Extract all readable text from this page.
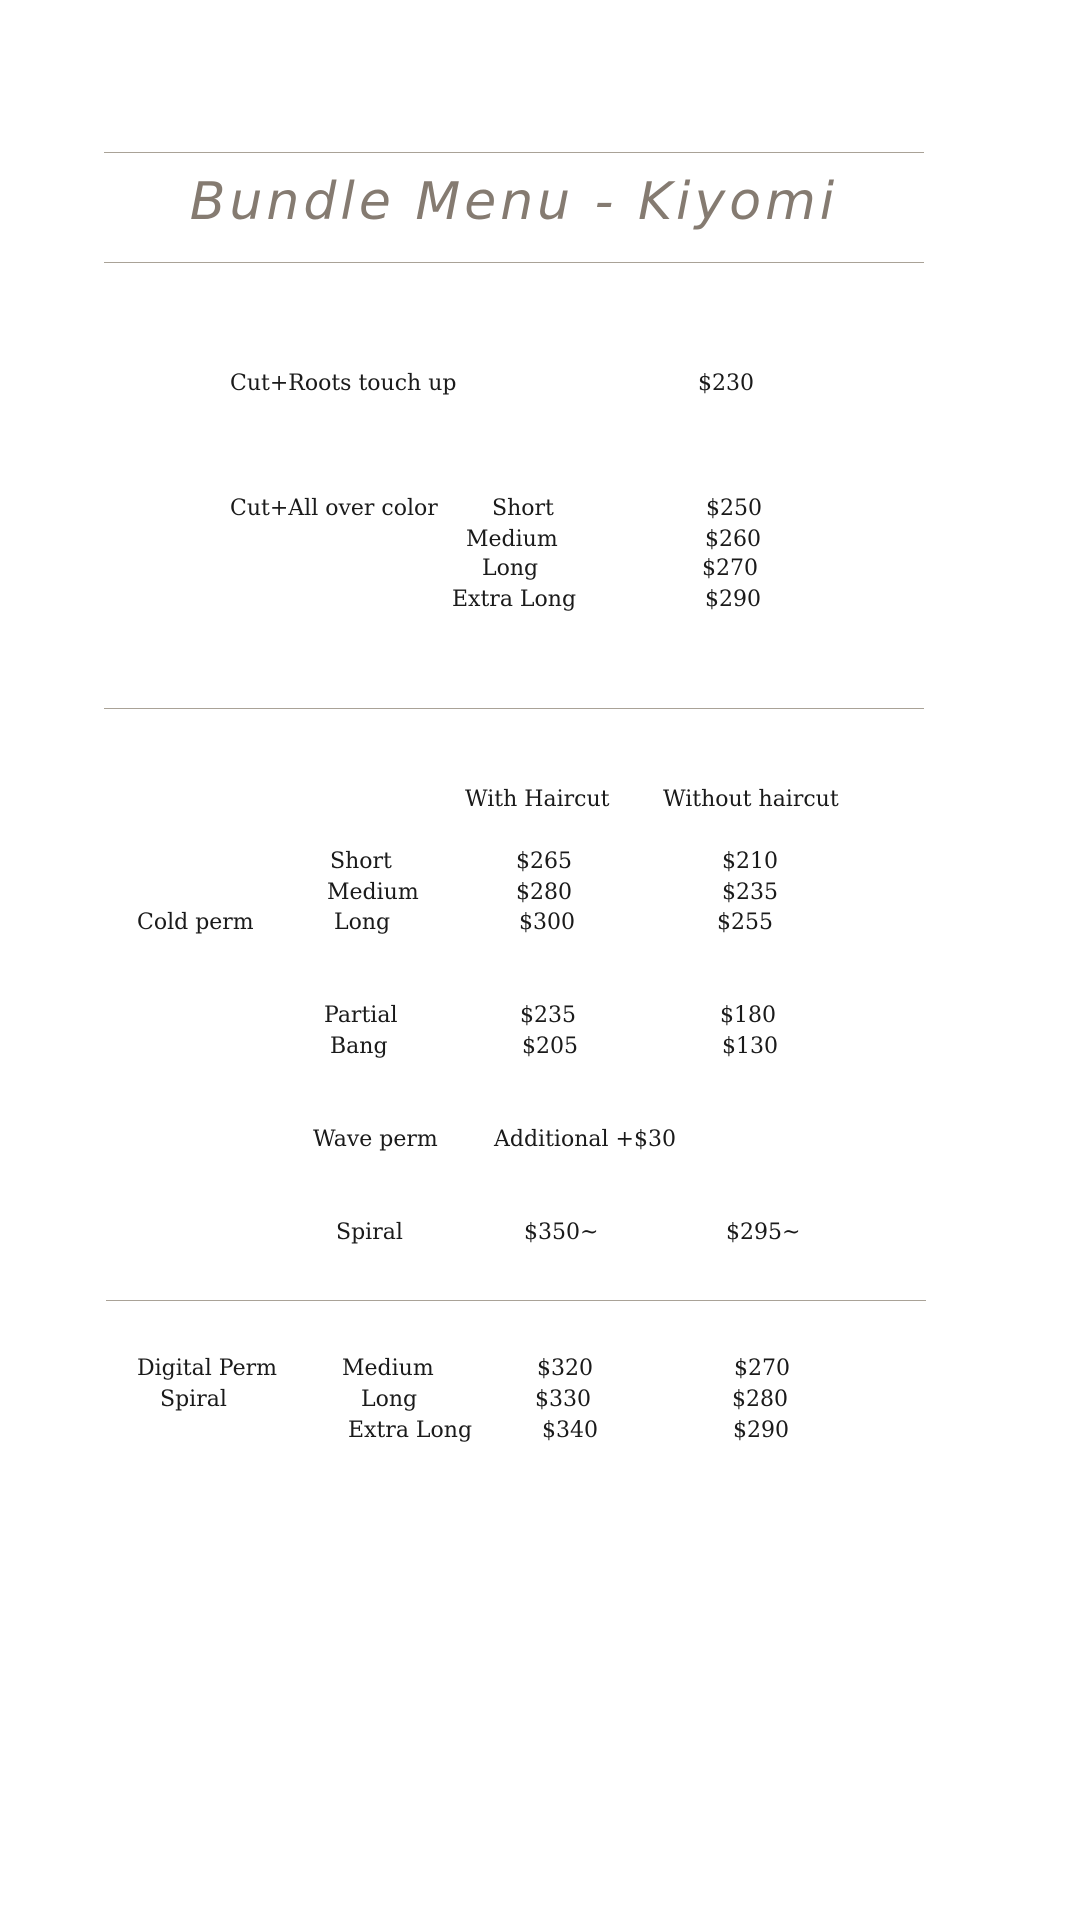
Bundle Menu - Kiyomi
Cut+Roots touch up	$230
Cut+All over color Short	$250
Medium	$260
Long	$270
Extra Long	$290
With Haircut Without haircut
Cold perm
Short	$265	$210
Medium	$280	$235
Long	$300	$255
Partial	$235	$180
Bang	$205	$130
Wave perm	Additional +$30
Spiral	$350~	$295~
Digital Perm
Spiral
Medium	$320	$270
Long	$330	$280
Extra Long	$340	$290
